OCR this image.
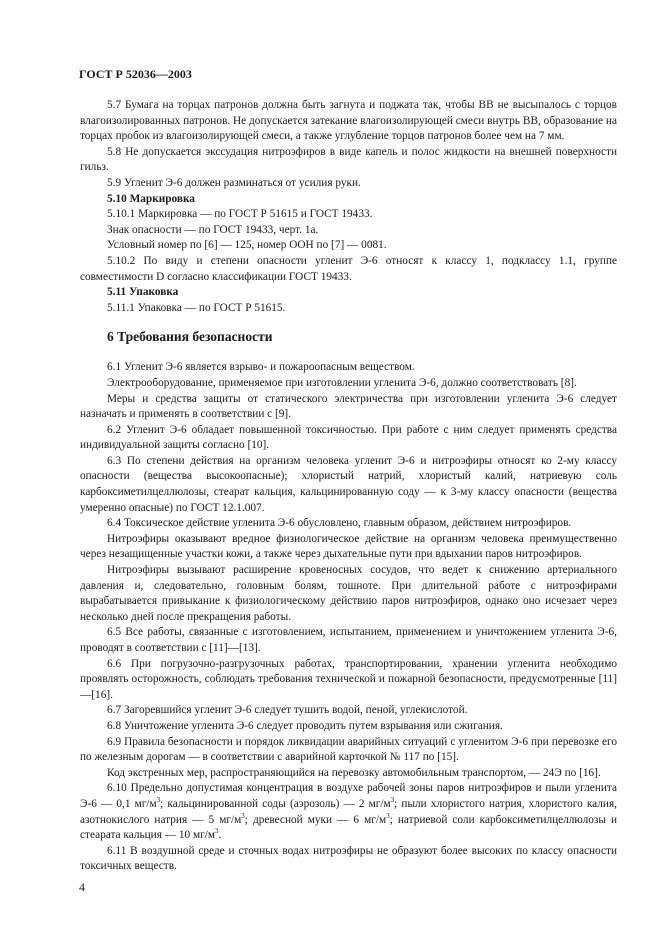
ГОСТ Р 52036—2003

5.7 Бумага на торцах патронов должна быть загнута и поджата так, чтобы ВВ не высыпалось с торцов влагоизолированных патронов. Не допускается затекание влагоизолирующей смеси внутрь ВВ, образование на торцах пробок из влагоизолирующей смеси, а также углубление торцов патронов более чем на 7 мм.

5.8 Не допускается экссудация нитроэфиров в виде капель и полос жидкости на внешней поверхности гильз.

5.9 Угленит Э-6 должен разминаться от усилия руки.

5.10 Маркировка

5.10.1 Маркировка — по ГОСТ Р 51615 и ГОСТ 19433.

Знак опасности — по ГОСТ 19433, черт. 1а.

Условный номер по [6] — 125, номер ООН по [7] — 0081.

5.10.2 По виду и степени опасности угленит Э-6 относят к классу 1, подклассу 1.1, группе совместимости D согласно классификации ГОСТ 19433.

5.11 Упаковка

5.11.1 Упаковка — по ГОСТ Р 51615.

6 Требования безопасности

6.1 Угленит Э-6 является взрыво- и пожароопасным веществом.

Электрооборудование, применяемое при изготовлении угленита Э-6, должно соответствовать [8].

Меры и средства защиты от статического электричества при изготовлении угленита Э-6 следует назначать и применять в соответствии с [9].

6.2 Угленит Э-6 обладает повышенной токсичностью. При работе с ним следует применять средства индивидуальной защиты согласно [10].

6.3 По степени действия на организм человека угленит Э-6 и нитроэфиры относят ко 2-му классу опасности (вещества высокоопасные); хлористый натрий, хлористый калий, натриевую соль карбоксиметилцеллюлозы, стеарат кальция, кальцинированную соду — к 3-му классу опасности (вещества умеренно опасные) по ГОСТ 12.1.007.

6.4 Токсическое действие угленита Э-6 обусловлено, главным образом, действием нитроэфиров.

Нитроэфиры оказывают вредное физиологическое действие на организм человека преимущественно через незащищенные участки кожи, а также через дыхательные пути при вдыхании паров нитроэфиров.

Нитроэфиры вызывают расширение кровеносных сосудов, что ведет к снижению артериального давления и, следовательно, головным болям, тошноте. При длительной работе с нитроэфирами вырабатывается привыкание к физиологическому действию паров нитроэфиров, однако оно исчезает через несколько дней после прекращения работы.

6.5 Все работы, связанные с изготовлением, испытанием, применением и уничтожением угленита Э-6, проводят в соответствии с [11]—[13].

6.6 При погрузочно-разгрузочных работах, транспортировании, хранении угленита необходимо проявлять осторожность, соблюдать требования технической и пожарной безопасности, предусмотренные [11]—[16].

6.7 Загоревшийся угленит Э-6 следует тушить водой, пеной, углекислотой.

6.8 Уничтожение угленита Э-6 следует проводить путем взрывания или сжигания.

6.9 Правила безопасности и порядок ликвидации аварийных ситуаций с угленитом Э-6 при перевозке его по железным дорогам — в соответствии с аварийной карточкой № 117 по [15].

Код экстренных мер, распространяющийся на перевозку автомобильным транспортом, — 24Э по [16].

6.10 Предельно допустимая концентрация в воздухе рабочей зоны паров нитроэфиров и пыли угленита Э-6 — 0,1 $мг/м^3$; кальцинированной соды (аэрозоль) — 2 $мг/м^3$; пыли хлористого натрия, хлористого калия, азотнокислого натрия — 5 $мг/м^3$; древесной муки — 6 $мг/м^3$; натриевой соли карбоксиметилцеллюлозы и стеарата кальция — 10 $мг/м^3$.

6.11 В воздушной среде и сточных водах нитроэфиры не образуют более высоких по классу опасности токсичных веществ.

4
